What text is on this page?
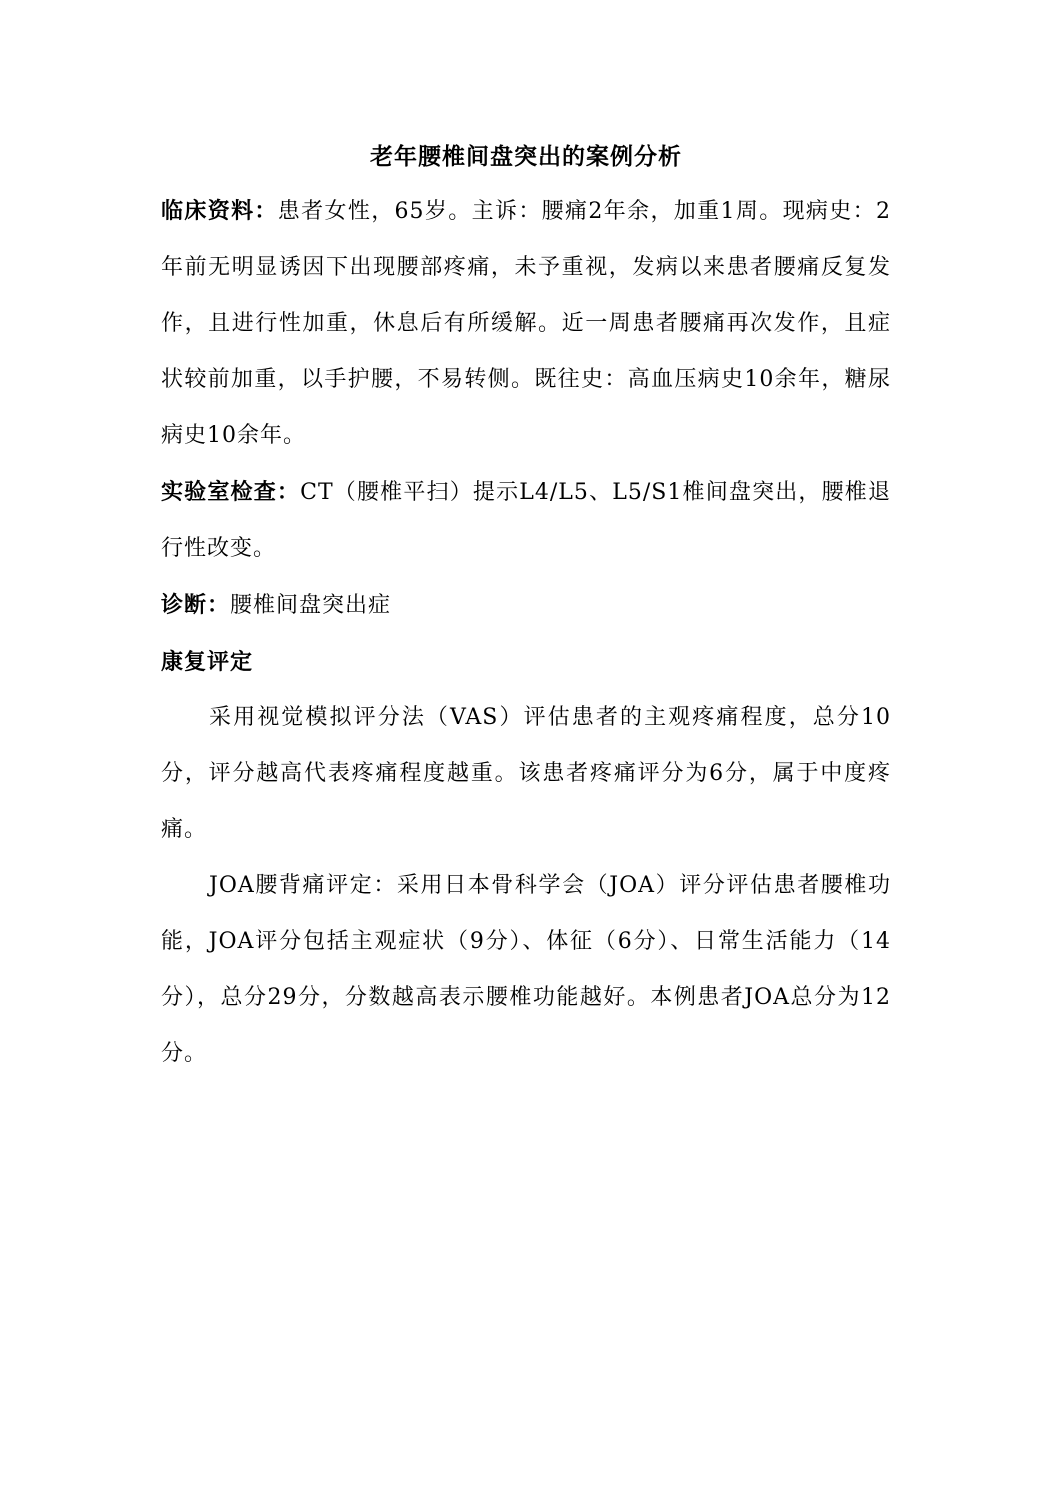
老年腰椎间盘突出的案例分析

临床资料：患者女性，65岁。主诉：腰痛2年余，加重1周。现病史：2年前无明显诱因下出现腰部疼痛，未予重视，发病以来患者腰痛反复发作，且进行性加重，休息后有所缓解。近一周患者腰痛再次发作，且症状较前加重，以手护腰，不易转侧。既往史：高血压病史10余年，糖尿病史10余年。

实验室检查：CT（腰椎平扫）提示L4/L5、L5/S1椎间盘突出，腰椎退行性改变。

诊断：腰椎间盘突出症

康复评定

采用视觉模拟评分法（VAS）评估患者的主观疼痛程度，总分10分，评分越高代表疼痛程度越重。该患者疼痛评分为6分，属于中度疼痛。

JOA腰背痛评定：采用日本骨科学会（JOA）评分评估患者腰椎功能，JOA评分包括主观症状（9分）、体征（6分）、日常生活能力（14分），总分29分，分数越高表示腰椎功能越好。本例患者JOA总分为12分。
